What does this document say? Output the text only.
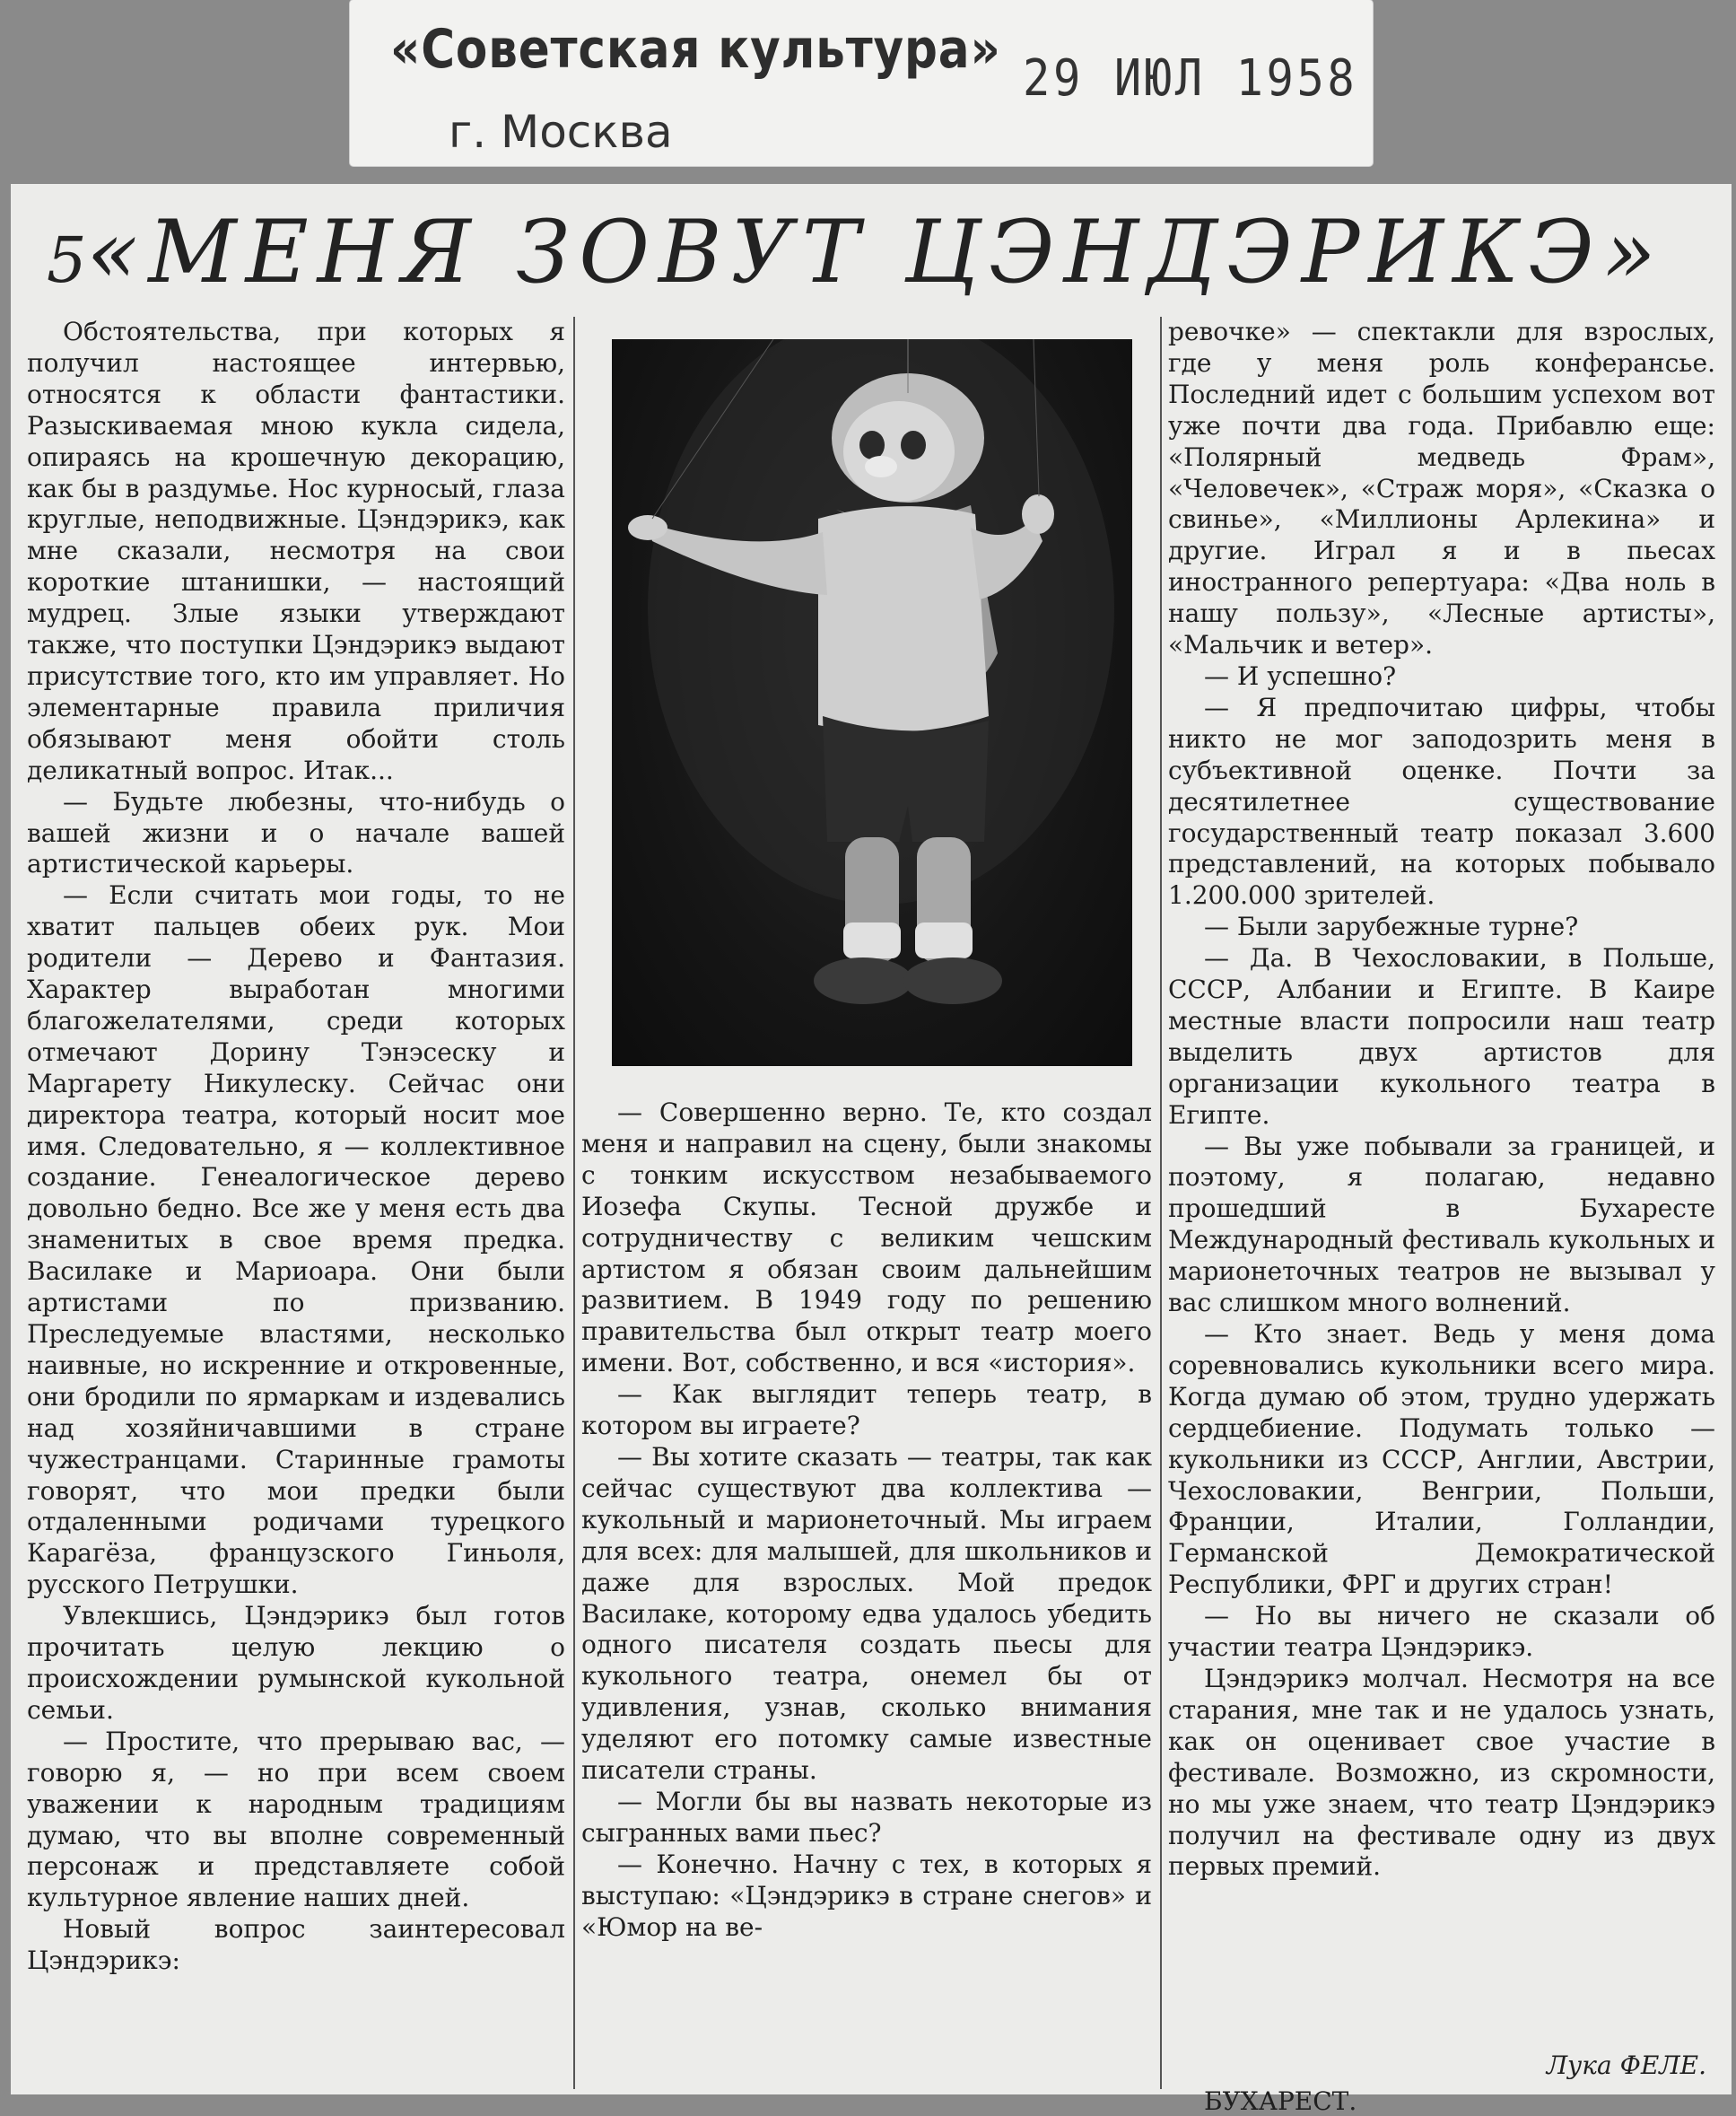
«Советская культура»
г. Москва
29 ИЮЛ 1958
5«МЕНЯ ЗОВУТ ЦЭНДЭРИКЭ»

Обстоятельства, при которых я получил настоящее интервью, относятся к области фантастики. Разыскиваемая мною кукла сидела, опираясь на крошечную декорацию, как бы в раздумье. Нос курносый, глаза круглые, неподвижные. Цэндэрикэ, как мне сказали, несмотря на свои короткие штанишки, — настоящий мудрец. Злые языки утверждают также, что поступки Цэндэрикэ выдают присутствие того, кто им управляет. Но элементарные правила приличия обязывают меня обойти столь деликатный вопрос. Итак...

— Будьте любезны, что-нибудь о вашей жизни и о начале вашей артистической карьеры.

— Если считать мои годы, то не хватит пальцев обеих рук. Мои родители — Дерево и Фантазия. Характер выработан многими благожелателями, среди которых отмечают Дорину Тэнэсеску и Маргарету Никулеску. Сейчас они директора театра, который носит мое имя. Следовательно, я — коллективное создание. Генеалогическое дерево довольно бедно. Все же у меня есть два знаменитых в свое время предка. Василаке и Мариоара. Они были артистами по призванию. Преследуемые властями, несколько наивные, но искренние и откровенные, они бродили по ярмаркам и издевались над хозяйничавшими в стране чужестранцами. Старинные грамоты говорят, что мои предки были отдаленными родичами турецкого Карагёза, французского Гиньоля, русского Петрушки.

Увлекшись, Цэндэрикэ был готов прочитать целую лекцию о происхождении румынской кукольной семьи.

— Простите, что прерываю вас, — говорю я, — но при всем своем уважении к народным традициям думаю, что вы вполне современный персонаж и представляете собой культурное явление наших дней.

Новый вопрос заинтересовал Цэндэрикэ:

— Совершенно верно. Те, кто создал меня и направил на сцену, были знакомы с тонким искусством незабываемого Иозефа Скупы. Тесной дружбе и сотрудничеству с великим чешским артистом я обязан своим дальнейшим развитием. В 1949 году по решению правительства был открыт театр моего имени. Вот, собственно, и вся «история».

— Как выглядит теперь театр, в котором вы играете?

— Вы хотите сказать — театры, так как сейчас существуют два коллектива — кукольный и марионеточный. Мы играем для всех: для малышей, для школьников и даже для взрослых. Мой предок Василаке, которому едва удалось убедить одного писателя создать пьесы для кукольного театра, онемел бы от удивления, узнав, сколько внимания уделяют его потомку самые известные писатели страны.

— Могли бы вы назвать некоторые из сыгранных вами пьес?

— Конечно. Начну с тех, в которых я выступаю: «Цэндэрикэ в стране снегов» и «Юмор на ве-

ревочке» — спектакли для взрослых, где у меня роль конферансье. Последний идет с большим успехом вот уже почти два года. Прибавлю еще: «Полярный медведь Фрам», «Человечек», «Страж моря», «Сказка о свинье», «Миллионы Арлекина» и другие. Играл я и в пьесах иностранного репертуара: «Два ноль в нашу пользу», «Лесные артисты», «Мальчик и ветер».

— И успешно?

— Я предпочитаю цифры, чтобы никто не мог заподозрить меня в субъективной оценке. Почти за десятилетнее существование государственный театр показал 3.600 представлений, на которых побывало 1.200.000 зрителей.

— Были зарубежные турне?

— Да. В Чехословакии, в Польше, СССР, Албании и Египте. В Каире местные власти попросили наш театр выделить двух артистов для организации кукольного театра в Египте.

— Вы уже побывали за границей, и поэтому, я полагаю, недавно прошедший в Бухаресте Международный фестиваль кукольных и марионеточных театров не вызывал у вас слишком много волнений.

— Кто знает. Ведь у меня дома соревновались кукольники всего мира. Когда думаю об этом, трудно удержать сердцебиение. Подумать только — кукольники из СССР, Англии, Австрии, Чехословакии, Венгрии, Польши, Франции, Италии, Голландии, Германской Демократической Республики, ФРГ и других стран!

— Но вы ничего не сказали об участии театра Цэндэрикэ.

Цэндэрикэ молчал. Несмотря на все старания, мне так и не удалось узнать, как он оценивает свое участие в фестивале. Возможно, из скромности, но мы уже знаем, что театр Цэндэрикэ получил на фестивале одну из двух первых премий.

Лука ФЕЛЕ.
БУХАРЕСТ.
